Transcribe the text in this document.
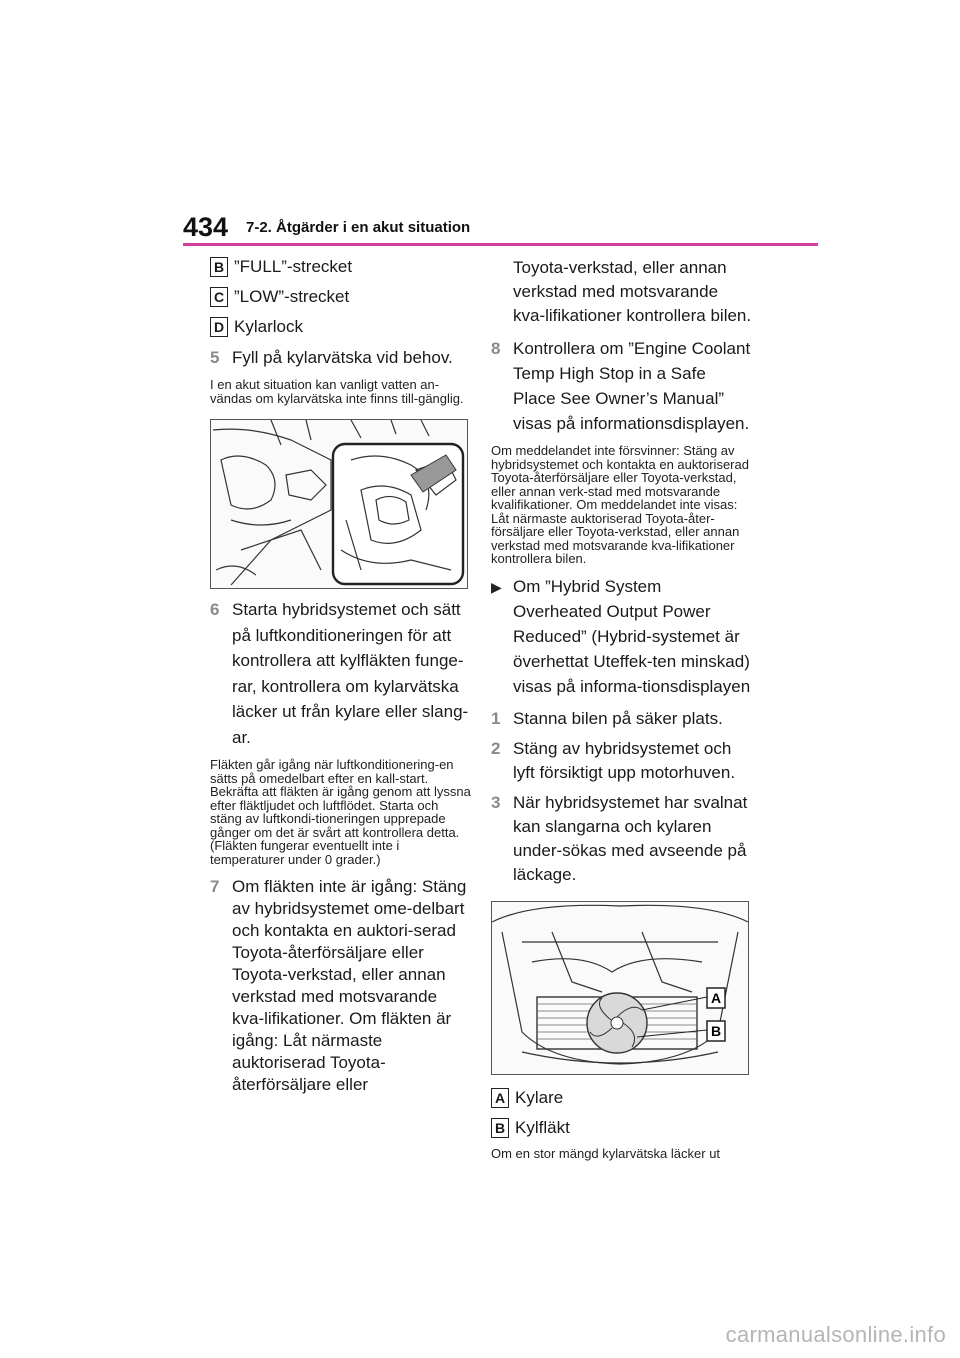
434 7-2. Åtgärder i en akut situation
B ”FULL”-strecket
C ”LOW”-strecket
D Kylarlock
5 Fyll på kylarvätska vid behov.
I en akut situation kan vanligt vatten an-vändas om kylarvätska inte finns till-gänglig.
6 Starta hybridsystemet och sätt på luftkonditioneringen för att kontrollera att kylfläkten funge-rar, kontrollera om kylarvätska läcker ut från kylare eller slang-ar.
Fläkten går igång när luftkonditionering-en sätts på omedelbart efter en kall-start. Bekräfta att fläkten är igång genom att lyssna efter fläktljudet och luftflödet. Starta och stäng av luftkondi-tioneringen upprepade gånger om det är svårt att kontrollera detta. (Fläkten fungerar eventuellt inte i temperaturer under 0 grader.)
7 Om fläkten inte är igång: Stäng av hybridsystemet ome-delbart och kontakta en auktori-serad Toyota-återförsäljare eller Toyota-verkstad, eller annan verkstad med motsvarande kva-lifikationer. Om fläkten är igång: Låt närmaste auktoriserad Toyota-återförsäljare eller
Toyota-verkstad, eller annan verkstad med motsvarande kva-lifikationer kontrollera bilen.
8 Kontrollera om ”Engine Coolant Temp High Stop in a Safe Place See Owner’s Manual” visas på informationsdisplayen.
Om meddelandet inte försvinner: Stäng av hybridsystemet och kontakta en auktoriserad Toyota-återförsäljare eller Toyota-verkstad, eller annan verk-stad med motsvarande kvalifikationer. Om meddelandet inte visas: Låt närmaste auktoriserad Toyota-åter-försäljare eller Toyota-verkstad, eller annan verkstad med motsvarande kva-lifikationer kontrollera bilen.
▶ Om ”Hybrid System Overheated Output Power Reduced” (Hybrid-systemet är överhettat Uteffek-ten minskad) visas på informa-tionsdisplayen
1 Stanna bilen på säker plats.
2 Stäng av hybridsystemet och lyft försiktigt upp motorhuven.
3 När hybridsystemet har svalnat kan slangarna och kylaren under-sökas med avseende på läckage.
A
B
A Kylare
B Kylfläkt
Om en stor mängd kylarvätska läcker ut
carmanualsonline.info
